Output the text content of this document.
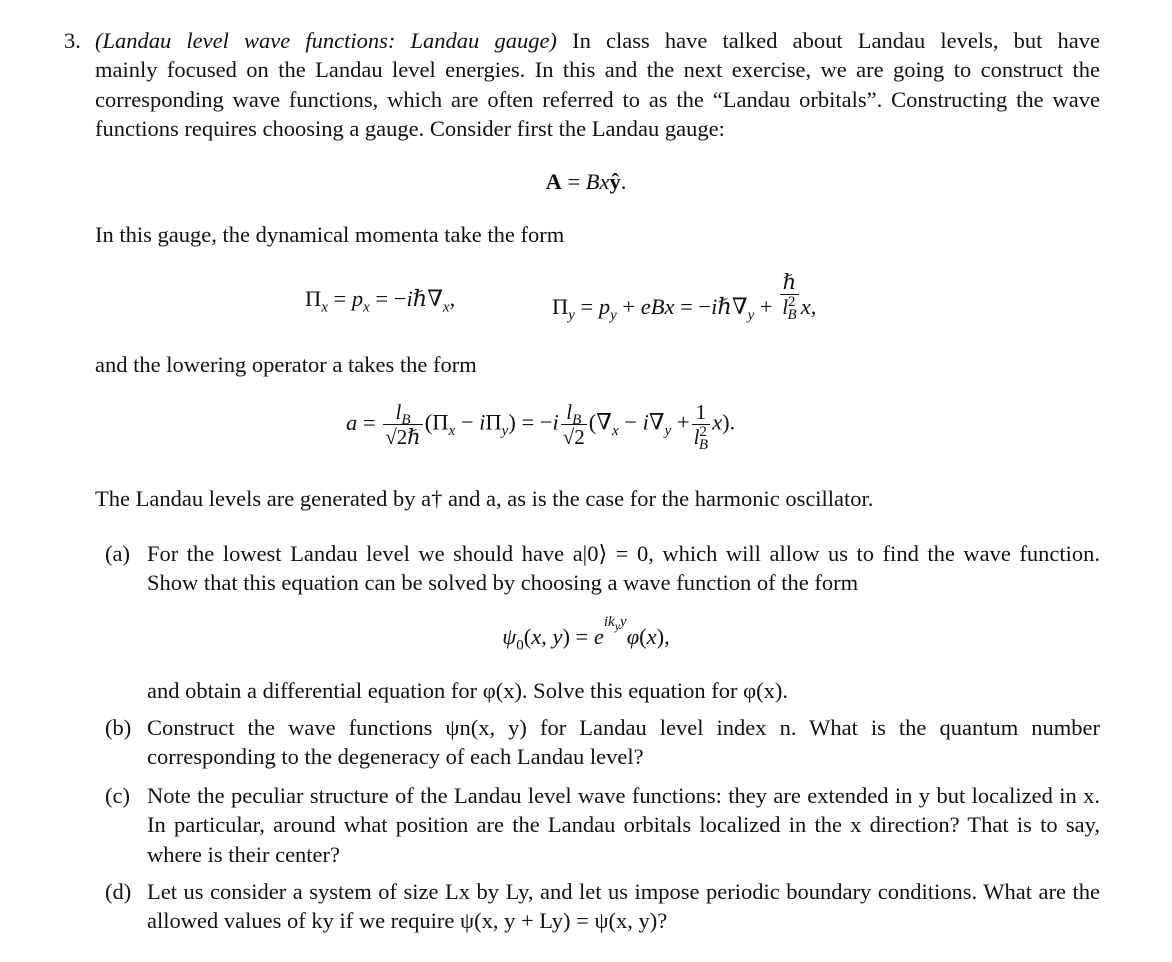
3. (Landau level wave functions: Landau gauge) In class have talked about Landau levels, but have

mainly focused on the Landau level energies. In this and the next exercise, we are going to construct the corresponding wave functions, which are often referred to as the “Landau orbitals”. Constructing the wave functions requires choosing a gauge. Consider first the Landau gauge:

A = Bxŷ.

In this gauge, the dynamical momenta take the form

$\Pi_x = p_x$ = $-i\hbar\nabla_x$,	$\Pi_y = p_y$ + eBx = $-i\hbar\nabla_y + \frac{\text{ℏ}}{l^2_B} x$,

and the lowering operator a takes the form

$a = \frac{l_B}{\text{√2ℏ}} (\Pi_x - i\Pi_y) = -i \frac{l_B}{√2} (\nabla_x - i\nabla_y + \frac{1}{l^2_B} x)$.

The Landau levels are generated by a† and a, as is the case for the harmonic oscillator.

(a) For the lowest Landau level we should have a|0⟩ = 0, which will allow us to find the wave function. Show that this equation can be solved by choosing a wave function of the form

$\psi_0(x$, $y) = e^{ik_yy}\varphi(x)$,

and obtain a differential equation for φ(x). Solve this equation for φ(x).

(b) Construct the wave functions ψn(x, y) for Landau level index n. What is the quantum number corresponding to the degeneracy of each Landau level?

(c) Note the peculiar structure of the Landau level wave functions: they are extended in y but localized in x. In particular, around what position are the Landau orbitals localized in the x direction? That is to say, where is their center?

(d) Let us consider a system of size Lx by Ly, and let us impose periodic boundary conditions. What are the allowed values of ky if we require ψ(x, y + Ly) = ψ(x, y)?
